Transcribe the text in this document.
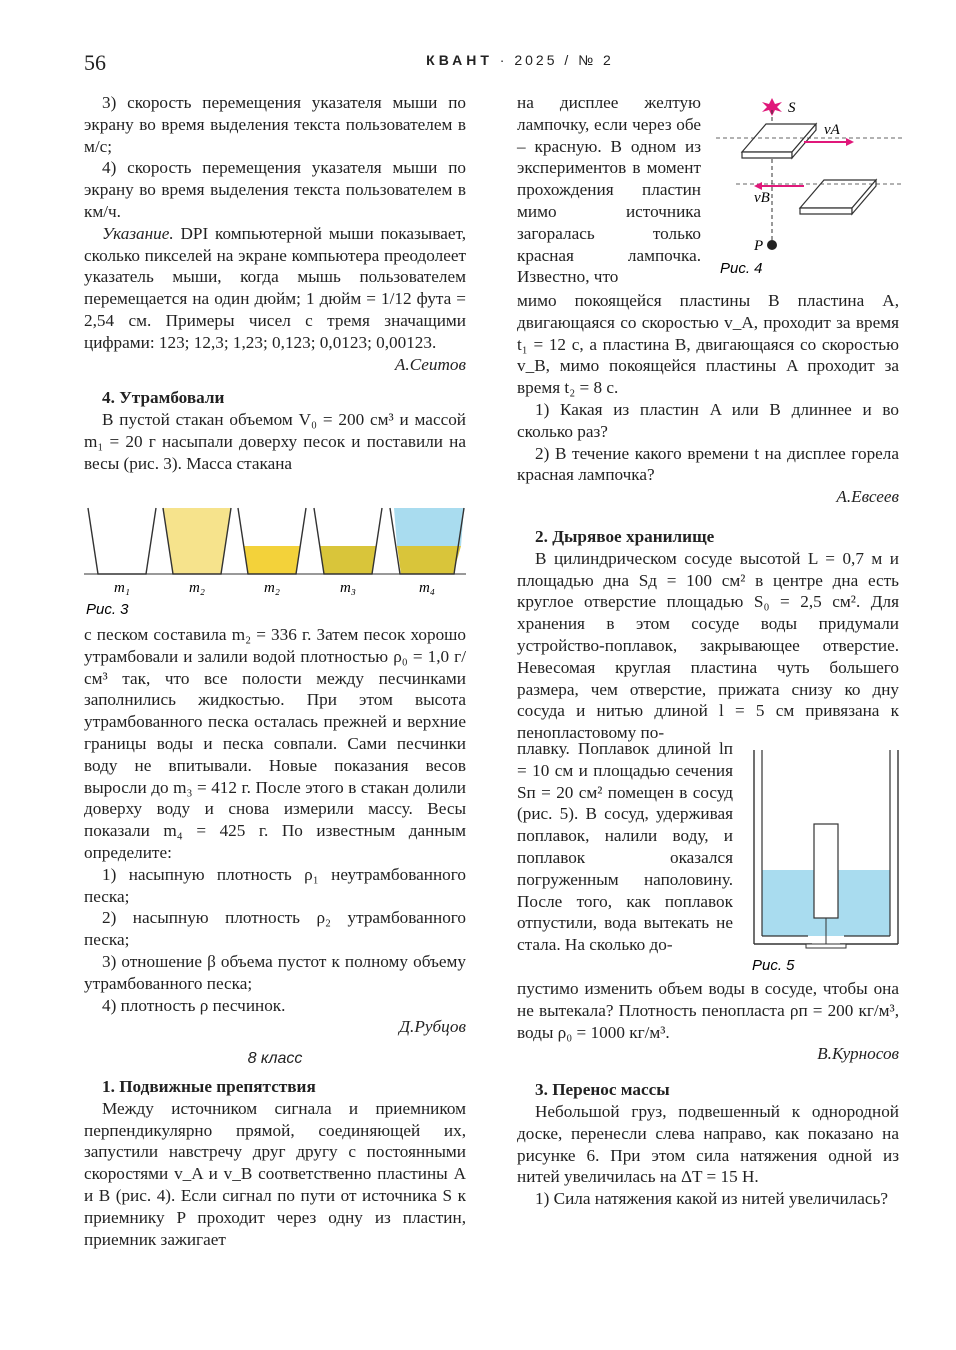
56	КВАНТ · 2025 / № 2

3) скорость перемещения указателя мыши по экрану во время выделения текста пользователем в м/с;

4) скорость перемещения указателя мыши по экрану во время выделения текста пользователем в км/ч.

Указание. DPI компьютерной мыши показывает, сколько пикселей на экране компьютера преодолеет указатель мыши, когда мышь пользователем перемещается на один дюйм; 1 дюйм = 1/12 фута = 2,54 см. Примеры чисел с тремя значащими цифрами: 123; 12,3; 1,23; 0,123; 0,0123; 0,00123.

А.Сеитов

4. Утрамбовали

В пустой стакан объемом V₀ = 200 см³ и массой m₁ = 20 г насыпали доверху песок и поставили на весы (рис. 3). Масса стакана

m₁	m₂	m₂	m₃	m₄
Рис. 3

с песком составила m₂ = 336 г. Затем песок хорошо утрамбовали и залили водой плотностью ρ₀ = 1,0 г/см³ так, что все полости между песчинками заполнились жидкостью. При этом высота утрамбованного песка осталась прежней и верхние границы воды и песка совпали. Сами песчинки воду не впитывали. Новые показания весов выросли до m₃ = 412 г. После этого в стакан долили доверху воду и снова измерили массу. Весы показали m₄ = 425 г. По известным данным определите:

1) насыпную плотность ρ₁ неутрамбованного песка;

2) насыпную плотность ρ₂ утрамбованного песка;

3) отношение β объема пустот к полному объему утрамбованного песка;

4) плотность ρ песчинок.

Д.Рубцов

8 класс

1. Подвижные препятствия

Между источником сигнала и приемником перпендикулярно прямой, соединяющей их, запустили навстречу друг другу с постоянными скоростями v_A и v_B соответственно пластины A и B (рис. 4). Если сигнал по пути от источника S к приемнику P проходит через одну из пластин, приемник зажигает

на дисплее желтую лампочку, если через обе – красную. В одном из экспериментов в момент прохождения пластин мимо источника загоралась только красная лампочка. Известно, что

S
vA
vB
P
Рис. 4

мимо покоящейся пластины B пластина A, двигающаяся со скоростью v_A, проходит за время t₁ = 12 с, а пластина B, двигающаяся со скоростью v_B, мимо покоящейся пластины A проходит за время t₂ = 8 с.

1) Какая из пластин A или B длиннее и во сколько раз?

2) В течение какого времени t на дисплее горела красная лампочка?

А.Евсеев

2. Дырявое хранилище

В цилиндрическом сосуде высотой L = 0,7 м и площадью дна Sд = 100 см² в центре дна есть круглое отверстие площадью S₀ = 2,5 см². Для хранения в этом сосуде воды придумали устройство-поплавок, закрывающее отверстие. Невесомая круглая пластина чуть большего размера, чем отверстие, прижата снизу ко дну сосуда и нитью длиной l = 5 см привязана к пенопластовому по-

плавку. Поплавок длиной lп = 10 см и площадью сечения Sп = 20 см² помещен в сосуд (рис. 5). В сосуд, удерживая поплавок, налили воду, и поплавок оказался погруженным наполовину. После того, как поплавок отпустили, вода вытекать не стала. На сколько до-

Рис. 5

пустимо изменить объем воды в сосуде, чтобы она не вытекала? Плотность пенопласта ρп = 200 кг/м³, воды ρ₀ = 1000 кг/м³.

В.Курносов

3. Перенос массы

Небольшой груз, подвешенный к однородной доске, перенесли слева направо, как показано на рисунке 6. При этом сила натяжения одной из нитей увеличилась на ΔT = 15 Н.

1) Сила натяжения какой из нитей увеличилась?
